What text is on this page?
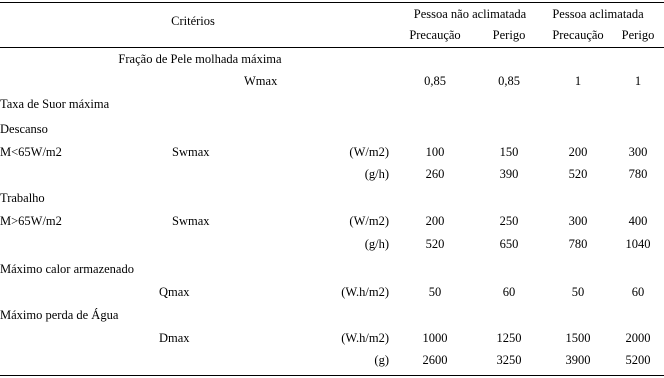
Critérios	Pessoa não aclimatada Pessoa aclimatada
Precaução	Perigo Precaução Perigo
Fração de Pele molhada máxima
Wmax	0,85	0,85	1	1
Taxa de Suor máxima
Descanso
M<65W/m2	Swmax	(W/m2)	100	150	200	300
(g/h)	260	390	520	780
Trabalho
M>65W/m2	Swmax	(W/m2)	200	250	300	400
(g/h)	520	650	780	1040
Máximo calor armazenado
Qmax	(W.h/m2)	50	60	50	60
Máximo perda de Água
Dmax	(W.h/m2)	1000	1250	1500	2000
(g)	2600	3250	3900	5200
